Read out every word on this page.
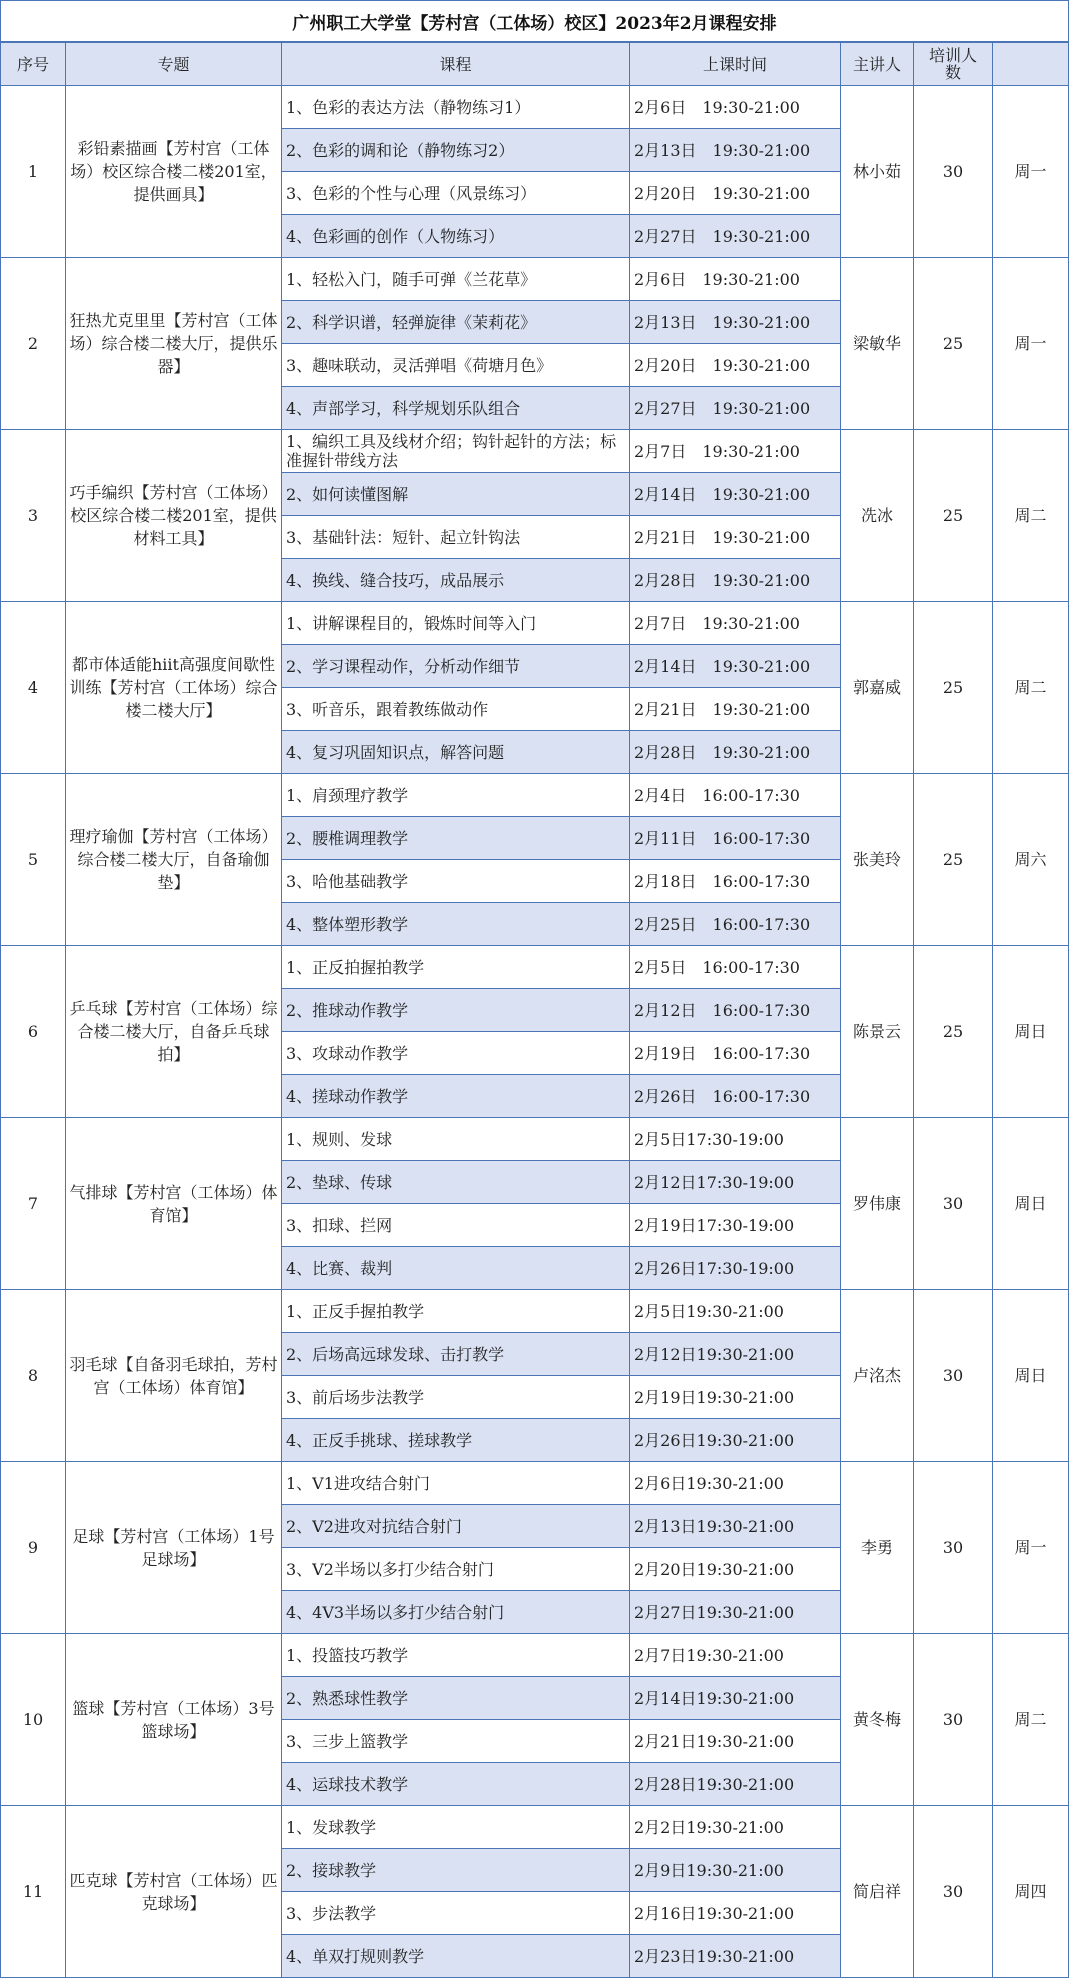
广州职工大学堂【芳村宫（工体场）校区】2023年2月课程安排
序号	专题	课程	上课时间	主讲人	培训人数
1
彩铅素描画【芳村宫（工体场）校区综合楼二楼201室，提供画具】
1、色彩的表达方法（静物练习1）	2月6日　19:30-21:00
2、色彩的调和论（静物练习2）	2月13日　19:30-21:00
3、色彩的个性与心理（风景练习）	2月20日　19:30-21:00
4、色彩画的创作（人物练习）	2月27日　19:30-21:00
林小茹	30	周一
2
狂热尤克里里【芳村宫（工体场）综合楼二楼大厅，提供乐器】
1、轻松入门，随手可弹《兰花草》	2月6日　19:30-21:00
2、科学识谱，轻弹旋律《茉莉花》	2月13日　19:30-21:00
3、趣味联动，灵活弹唱《荷塘月色》	2月20日　19:30-21:00
4、声部学习，科学规划乐队组合	2月27日　19:30-21:00
梁敏华	25	周一
3
巧手编织【芳村宫（工体场）校区综合楼二楼201室，提供材料工具】
1、编织工具及线材介绍；钩针起针的方法；标准握针带线方法	2月7日　19:30-21:00
2、如何读懂图解	2月14日　19:30-21:00
3、基础针法：短针、起立针钩法	2月21日　19:30-21:00
4、换线、缝合技巧，成品展示	2月28日　19:30-21:00
冼冰	25	周二
4
都市体适能hiit高强度间歇性训练【芳村宫（工体场）综合楼二楼大厅】
1、讲解课程目的，锻炼时间等入门	2月7日　19:30-21:00
2、学习课程动作，分析动作细节	2月14日　19:30-21:00
3、听音乐，跟着教练做动作	2月21日　19:30-21:00
4、复习巩固知识点，解答问题	2月28日　19:30-21:00
郭嘉威	25	周二
5
理疗瑜伽【芳村宫（工体场）综合楼二楼大厅，自备瑜伽垫】
1、肩颈理疗教学	2月4日　16:00-17:30
2、腰椎调理教学	2月11日　16:00-17:30
3、哈他基础教学	2月18日　16:00-17:30
4、整体塑形教学	2月25日　16:00-17:30
张美玲	25	周六
6
乒乓球【芳村宫（工体场）综合楼二楼大厅，自备乒乓球拍】
1、正反拍握拍教学	2月5日　16:00-17:30
2、推球动作教学	2月12日　16:00-17:30
3、攻球动作教学	2月19日　16:00-17:30
4、搓球动作教学	2月26日　16:00-17:30
陈景云	25	周日
7
气排球【芳村宫（工体场）体育馆】
1、规则、发球	2月5日17:30-19:00
2、垫球、传球	2月12日17:30-19:00
3、扣球、拦网	2月19日17:30-19:00
4、比赛、裁判	2月26日17:30-19:00
罗伟康	30	周日
8
羽毛球【自备羽毛球拍，芳村宫（工体场）体育馆】
1、正反手握拍教学	2月5日19:30-21:00
2、后场高远球发球、击打教学	2月12日19:30-21:00
3、前后场步法教学	2月19日19:30-21:00
4、正反手挑球、搓球教学	2月26日19:30-21:00
卢洺杰	30	周日
9
足球【芳村宫（工体场）1号足球场】
1、V1进攻结合射门	2月6日19:30-21:00
2、V2进攻对抗结合射门	2月13日19:30-21:00
3、V2半场以多打少结合射门	2月20日19:30-21:00
4、4V3半场以多打少结合射门	2月27日19:30-21:00
李勇	30	周一
10
篮球【芳村宫（工体场）3号篮球场】
1、投篮技巧教学	2月7日19:30-21:00
2、熟悉球性教学	2月14日19:30-21:00
3、三步上篮教学	2月21日19:30-21:00
4、运球技术教学	2月28日19:30-21:00
黄冬梅	30	周二
11
匹克球【芳村宫（工体场）匹克球场】
1、发球教学	2月2日19:30-21:00
2、接球教学	2月9日19:30-21:00
3、步法教学	2月16日19:30-21:00
4、单双打规则教学	2月23日19:30-21:00
简启祥	30	周四
